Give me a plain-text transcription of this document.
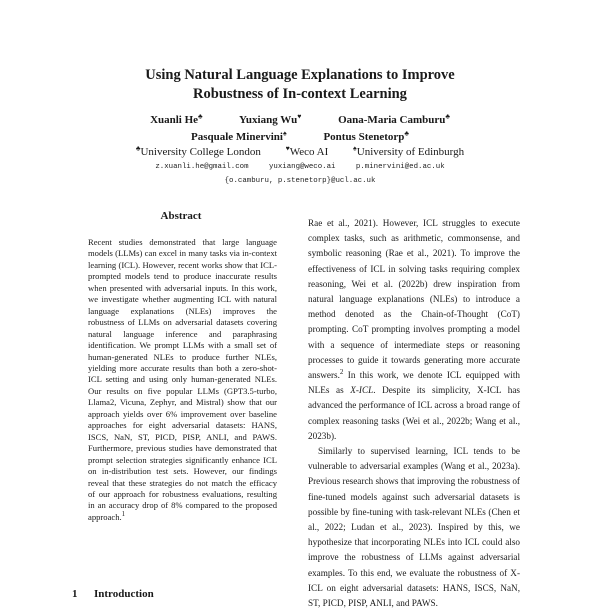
Using Natural Language Explanations to Improve
Robustness of In-context Learning
Xuanli He♣	Yuxiang Wu♥	Oana-Maria Camburu♣
Pasquale Minervini♠	Pontus Stenetorp♣
♣University College London	♥Weco AI	♠University of Edinburgh
z.xuanli.he@gmail.com	yuxiang@weco.ai	p.minervini@ed.ac.uk
{o.camburu, p.stenetorp}@ucl.ac.uk
Abstract

Recent studies demonstrated that large language models (LLMs) can excel in many tasks via in-context learning (ICL). However, recent works show that ICL-prompted models tend to produce inaccurate results when presented with adversarial inputs. In this work, we investigate whether augmenting ICL with natural language explanations (NLEs) improves the robustness of LLMs on adversarial datasets covering natural language inference and paraphrasing identification. We prompt LLMs with a small set of human-generated NLEs to produce further NLEs, yielding more accurate results than both a zero-shot-ICL setting and using only human-generated NLEs. Our results on five popular LLMs (GPT3.5-turbo, Llama2, Vicuna, Zephyr, and Mistral) show that our approach yields over 6% improvement over baseline approaches for eight adversarial datasets: HANS, ISCS, NaN, ST, PICD, PISP, ANLI, and PAWS. Furthermore, previous studies have demonstrated that prompt selection strategies significantly enhance ICL on in-distribution test sets. However, our findings reveal that these strategies do not match the efficacy of our approach for robustness evaluations, resulting in an accuracy drop of 8% compared to the proposed approach.$^1$

Rae et al., 2021). However, ICL struggles to execute complex tasks, such as arithmetic, commonsense, and symbolic reasoning (Rae et al., 2021). To improve the effectiveness of ICL in solving tasks requiring complex reasoning, Wei et al. (2022b) drew inspiration from natural language explanations (NLEs) to introduce a method denoted as the Chain-of-Thought (CoT) prompting. CoT prompting involves prompting a model with a sequence of intermediate steps or reasoning processes to guide it towards generating more accurate answers.$^2$ In this work, we denote ICL equipped with NLEs as X-ICL. Despite its simplicity, X-ICL has advanced the performance of ICL across a broad range of complex reasoning tasks (Wei et al., 2022b; Wang et al., 2023b).

Similarly to supervised learning, ICL tends to be vulnerable to adversarial examples (Wang et al., 2023a). Previous research shows that improving the robustness of fine-tuned models against such adversarial datasets is possible by fine-tuning with task-relevant NLEs (Chen et al., 2022; Ludan et al., 2023). Inspired by this, we hypothesize that incorporating NLEs into ICL could also improve the robustness of LLMs against adversarial examples. To this end, we evaluate the robustness of X-ICL on eight adversarial datasets: HANS, ISCS, NaN, ST, PICD, PISP, ANLI, and PAWS.

1 Introduction
